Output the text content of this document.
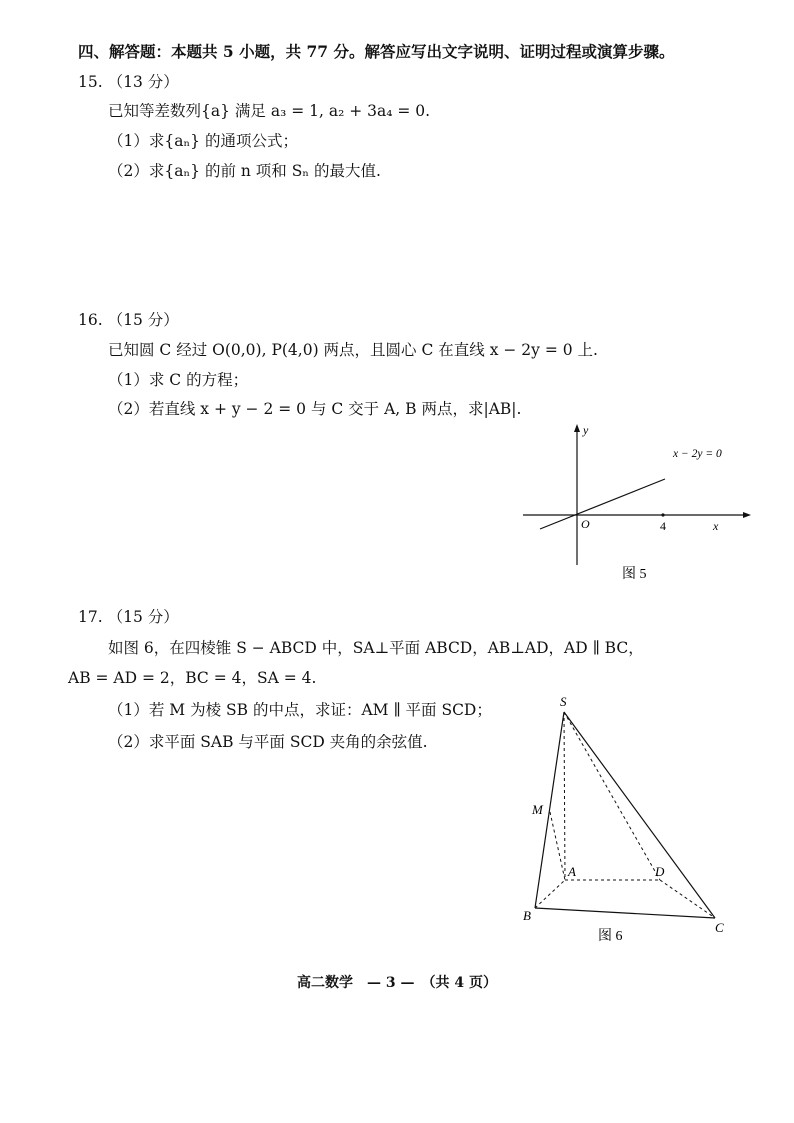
四、解答题：本题共 5 小题，共 77 分。解答应写出文字说明、证明过程或演算步骤。
15. （13 分）
已知等差数列{a} 满足 a₃ = 1, a₂ + 3a₄ = 0.
（1）求{aₙ} 的通项公式；
（2）求{aₙ} 的前 n 项和 Sₙ 的最大值.
16. （15 分）
已知圆 C 经过 O(0,0), P(4,0) 两点，且圆心 C 在直线 x − 2y = 0 上.
（1）求 C 的方程；
（2）若直线 x + y − 2 = 0 与 C 交于 A, B 两点，求|AB|.
y
x
O	4
x − 2y = 0
图 5
17. （15 分）
如图 6，在四棱锥 S − ABCD 中，SA⊥平面 ABCD，AB⊥AD，AD ∥ BC，
AB = AD = 2，BC = 4，SA = 4.
（1）若 M 为棱 SB 的中点，求证：AM ∥ 平面 SCD；
（2）求平面 SAB 与平面 SCD 夹角的余弦值.
S
M
A	D
B
C
图 6
高二数学　— 3 —　（共 4 页）
